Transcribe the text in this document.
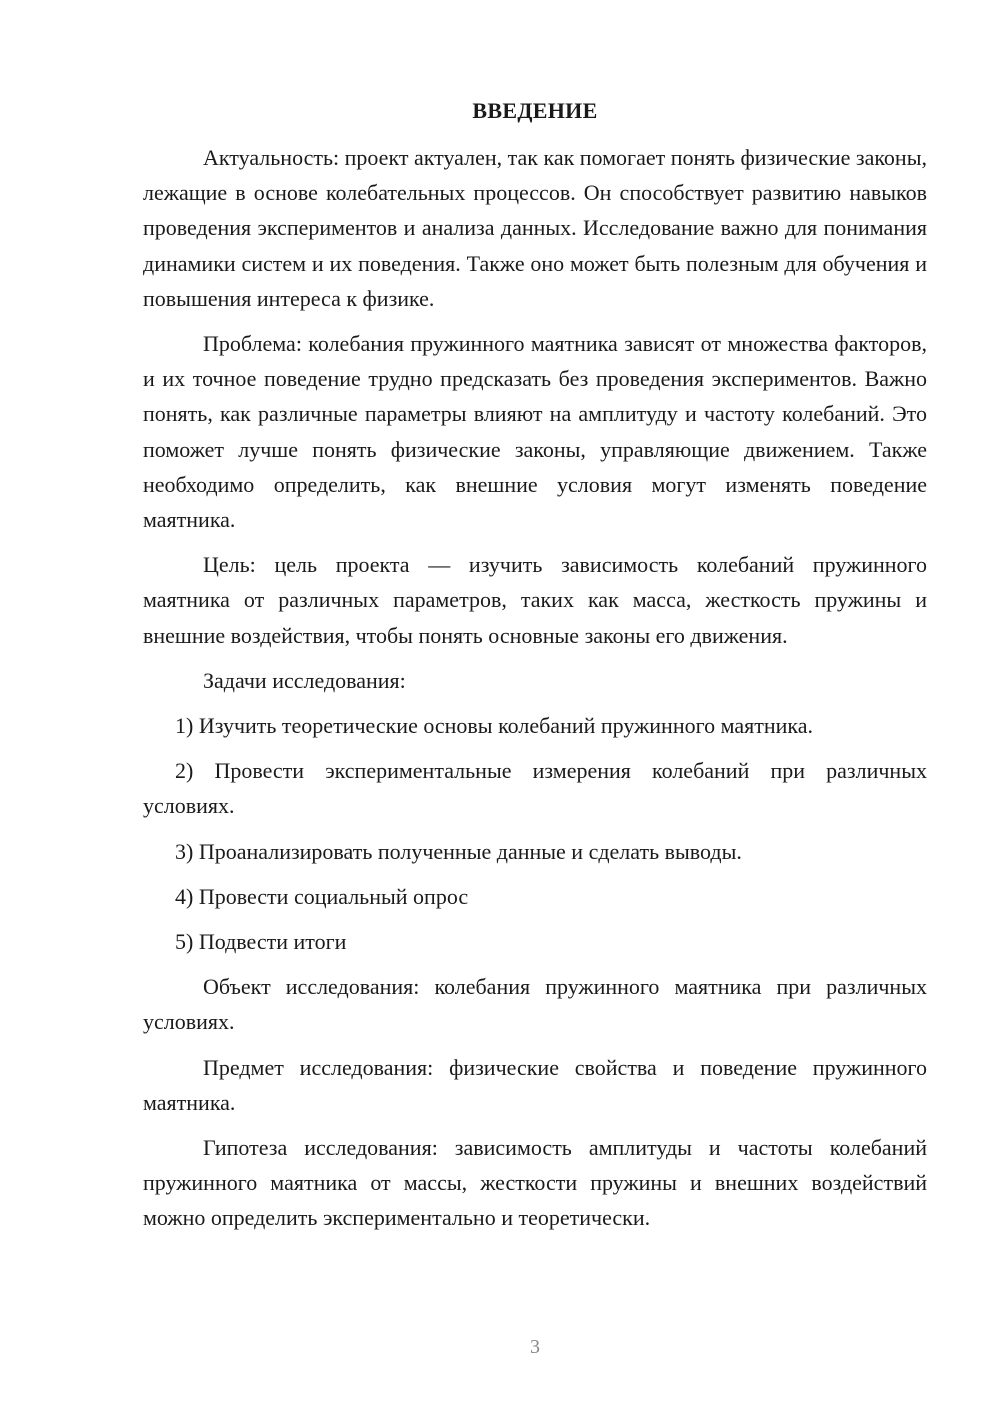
ВВЕДЕНИЕ

Актуальность: проект актуален, так как помогает понять физические законы, лежащие в основе колебательных процессов. Он способствует развитию навыков проведения экспериментов и анализа данных. Исследование важно для понимания динамики систем и их поведения. Также оно может быть полезным для обучения и повышения интереса к физике.

Проблема: колебания пружинного маятника зависят от множества факторов, и их точное поведение трудно предсказать без проведения экспериментов. Важно понять, как различные параметры влияют на амплитуду и частоту колебаний. Это поможет лучше понять физические законы, управляющие движением. Также необходимо определить, как внешние условия могут изменять поведение маятника.

Цель: цель проекта — изучить зависимость колебаний пружинного маятника от различных параметров, таких как масса, жесткость пружины и внешние воздействия, чтобы понять основные законы его движения.

Задачи исследования:

1) Изучить теоретические основы колебаний пружинного маятника.

2) Провести экспериментальные измерения колебаний при различных условиях.

3) Проанализировать полученные данные и сделать выводы.

4) Провести социальный опрос

5) Подвести итоги

Объект исследования: колебания пружинного маятника при различных условиях.

Предмет исследования: физические свойства и поведение пружинного маятника.

Гипотеза исследования: зависимость амплитуды и частоты колебаний пружинного маятника от массы, жесткости пружины и внешних воздействий можно определить экспериментально и теоретически.

3
